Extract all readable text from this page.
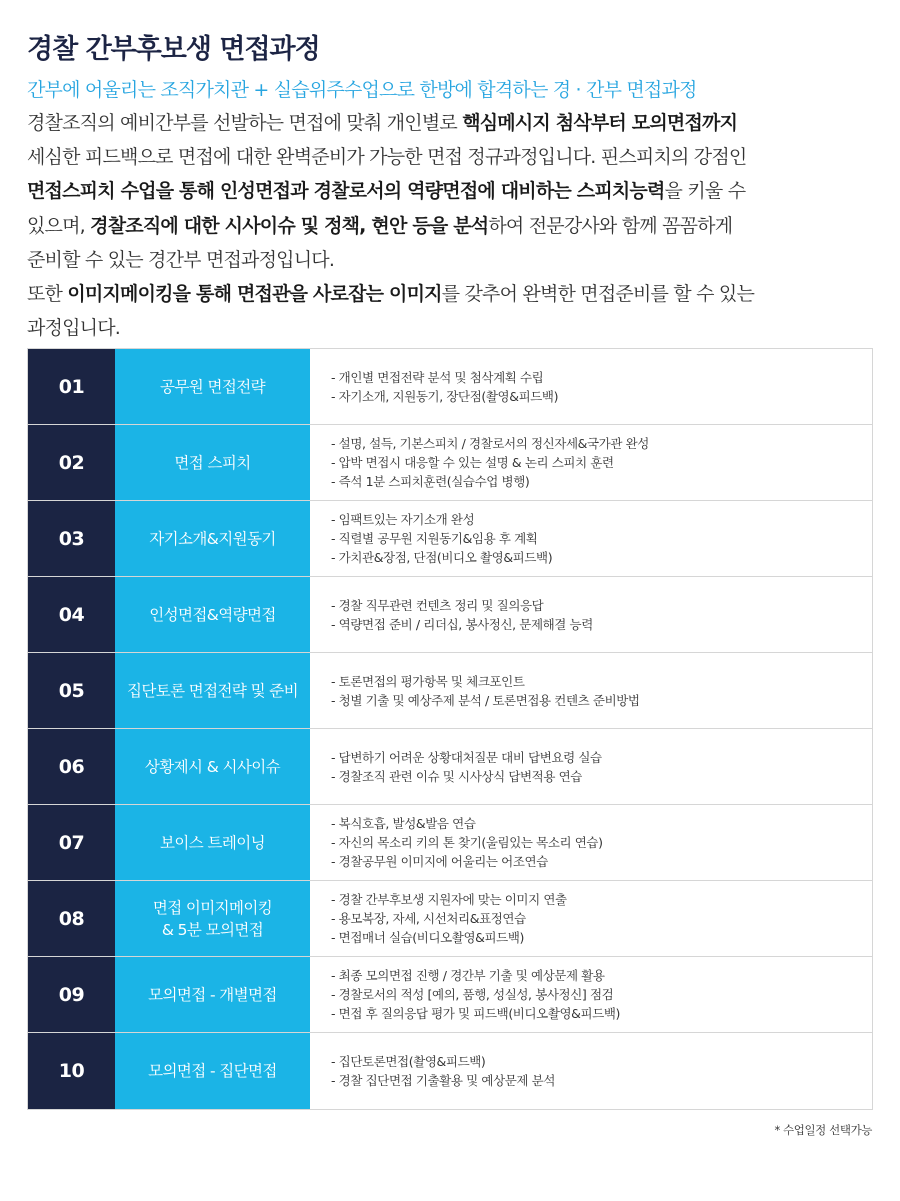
경찰 간부후보생 면접과정
간부에 어울리는 조직가치관 + 실습위주수업으로 한방에 합격하는 경 · 간부 면접과정
경찰조직의 예비간부를 선발하는 면접에 맞춰 개인별로 핵심메시지 첨삭부터 모의면접까지
세심한 피드백으로 면접에 대한 완벽준비가 가능한 면접 정규과정입니다. 핀스피치의 강점인
면접스피치 수업을 통해 인성면접과 경찰로서의 역량면접에 대비하는 스피치능력을 키울 수
있으며, 경찰조직에 대한 시사이슈 및 정책, 현안 등을 분석하여 전문강사와 함께 꼼꼼하게
준비할 수 있는 경간부 면접과정입니다.
또한 이미지메이킹을 통해 면접관을 사로잡는 이미지를 갖추어 완벽한 면접준비를 할 수 있는
과정입니다.
01	공무원 면접전략
- 개인별 면접전략 분석 및 첨삭계획 수립
- 자기소개, 지원동기, 장단점(촬영&피드백)
02	면접 스피치
- 설명, 설득, 기본스피치 / 경찰로서의 정신자세&국가관 완성
- 압박 면접시 대응할 수 있는 설명 & 논리 스피치 훈련
- 즉석 1분 스피치훈련(실습수업 병행)
03	자기소개&지원동기
- 임팩트있는 자기소개 완성
- 직렬별 공무원 지원동기&임용 후 계획
- 가치관&장점, 단점(비디오 촬영&피드백)
04	인성면접&역량면접
- 경찰 직무관련 컨텐츠 정리 및 질의응답
- 역량면접 준비 / 리더십, 봉사정신, 문제해결 능력
05	집단토론 면접전략 및 준비
- 토론면접의 평가항목 및 체크포인트
- 청별 기출 및 예상주제 분석 / 토론면접용 컨텐츠 준비방법
06	상황제시 & 시사이슈
- 답변하기 어려운 상황대처질문 대비 답변요령 실습
- 경찰조직 관련 이슈 및 시사상식 답변적용 연습
07	보이스 트레이닝
- 복식호흡, 발성&발음 연습
- 자신의 목소리 키의 톤 찾기(울림있는 목소리 연습)
- 경찰공무원 이미지에 어울리는 어조연습
08	면접 이미지메이킹
& 5분 모의면접
- 경찰 간부후보생 지원자에 맞는 이미지 연출
- 용모복장, 자세, 시선처리&표정연습
- 면접매너 실습(비디오촬영&피드백)
09	모의면접 - 개별면접
- 최종 모의면접 진행 / 경간부 기출 및 예상문제 활용
- 경찰로서의 적성 [예의, 품행, 성실성, 봉사정신] 점검
- 면접 후 질의응답 평가 및 피드백(비디오촬영&피드백)
10	모의면접 - 집단면접
- 집단토론면접(촬영&피드백)
- 경찰 집단면접 기출활용 및 예상문제 분석
* 수업일정 선택가능
